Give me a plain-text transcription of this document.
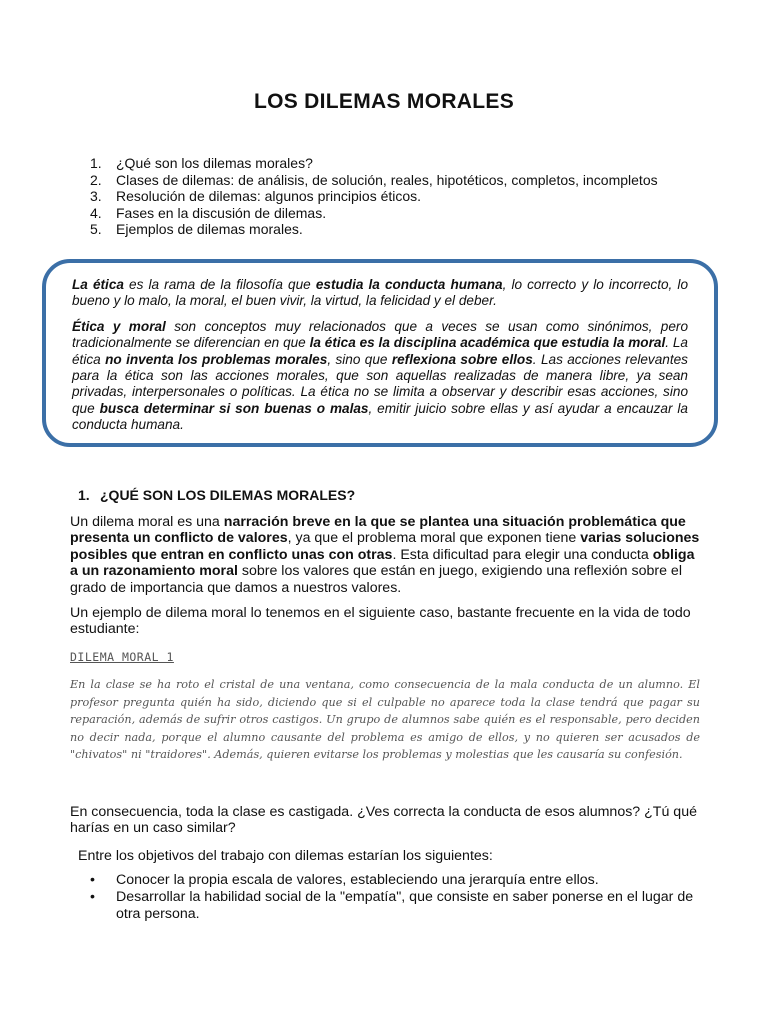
LOS DILEMAS MORALES
1.	¿Qué son los dilemas morales?
2.	Clases de dilemas: de análisis, de solución, reales, hipotéticos, completos, incompletos
3.	Resolución de dilemas: algunos principios éticos.
4.	Fases en la discusión de dilemas.
5.	Ejemplos de dilemas morales.

La ética es la rama de la filosofía que estudia la conducta humana, lo correcto y lo incorrecto, lo bueno y lo malo, la moral, el buen vivir, la virtud, la felicidad y el deber.

Ética y moral son conceptos muy relacionados que a veces se usan como sinónimos, pero tradicionalmente se diferencian en que la ética es la disciplina académica que estudia la moral. La ética no inventa los problemas morales, sino que reflexiona sobre ellos. Las acciones relevantes para la ética son las acciones morales, que son aquellas realizadas de manera libre, ya sean privadas, interpersonales o políticas. La ética no se limita a observar y describir esas acciones, sino que busca determinar si son buenas o malas, emitir juicio sobre ellas y así ayudar a encauzar la conducta humana.

1. ¿QUÉ SON LOS DILEMAS MORALES?
Un dilema moral es una narración breve en la que se plantea una situación problemática que presenta un conflicto de valores, ya que el problema moral que exponen tiene varias soluciones posibles que entran en conflicto unas con otras. Esta dificultad para elegir una conducta obliga a un razonamiento moral sobre los valores que están en juego, exigiendo una reflexión sobre el grado de importancia que damos a nuestros valores.
Un ejemplo de dilema moral lo tenemos en el siguiente caso, bastante frecuente en la vida de todo estudiante:
DILEMA MORAL 1
En la clase se ha roto el cristal de una ventana, como consecuencia de la mala conducta de un alumno. El profesor pregunta quién ha sido, diciendo que si el culpable no aparece toda la clase tendrá que pagar su reparación, además de sufrir otros castigos. Un grupo de alumnos sabe quién es el responsable, pero deciden no decir nada, porque el alumno causante del problema es amigo de ellos, y no quieren ser acusados de "chivatos" ni "traidores". Además, quieren evitarse los problemas y molestias que les causaría su confesión.
En consecuencia, toda la clase es castigada. ¿Ves correcta la conducta de esos alumnos? ¿Tú qué harías en un caso similar?
Entre los objetivos del trabajo con dilemas estarían los siguientes:
•	Conocer la propia escala de valores, estableciendo una jerarquía entre ellos.
•	Desarrollar la habilidad social de la "empatía", que consiste en saber ponerse en el lugar de otra persona.
